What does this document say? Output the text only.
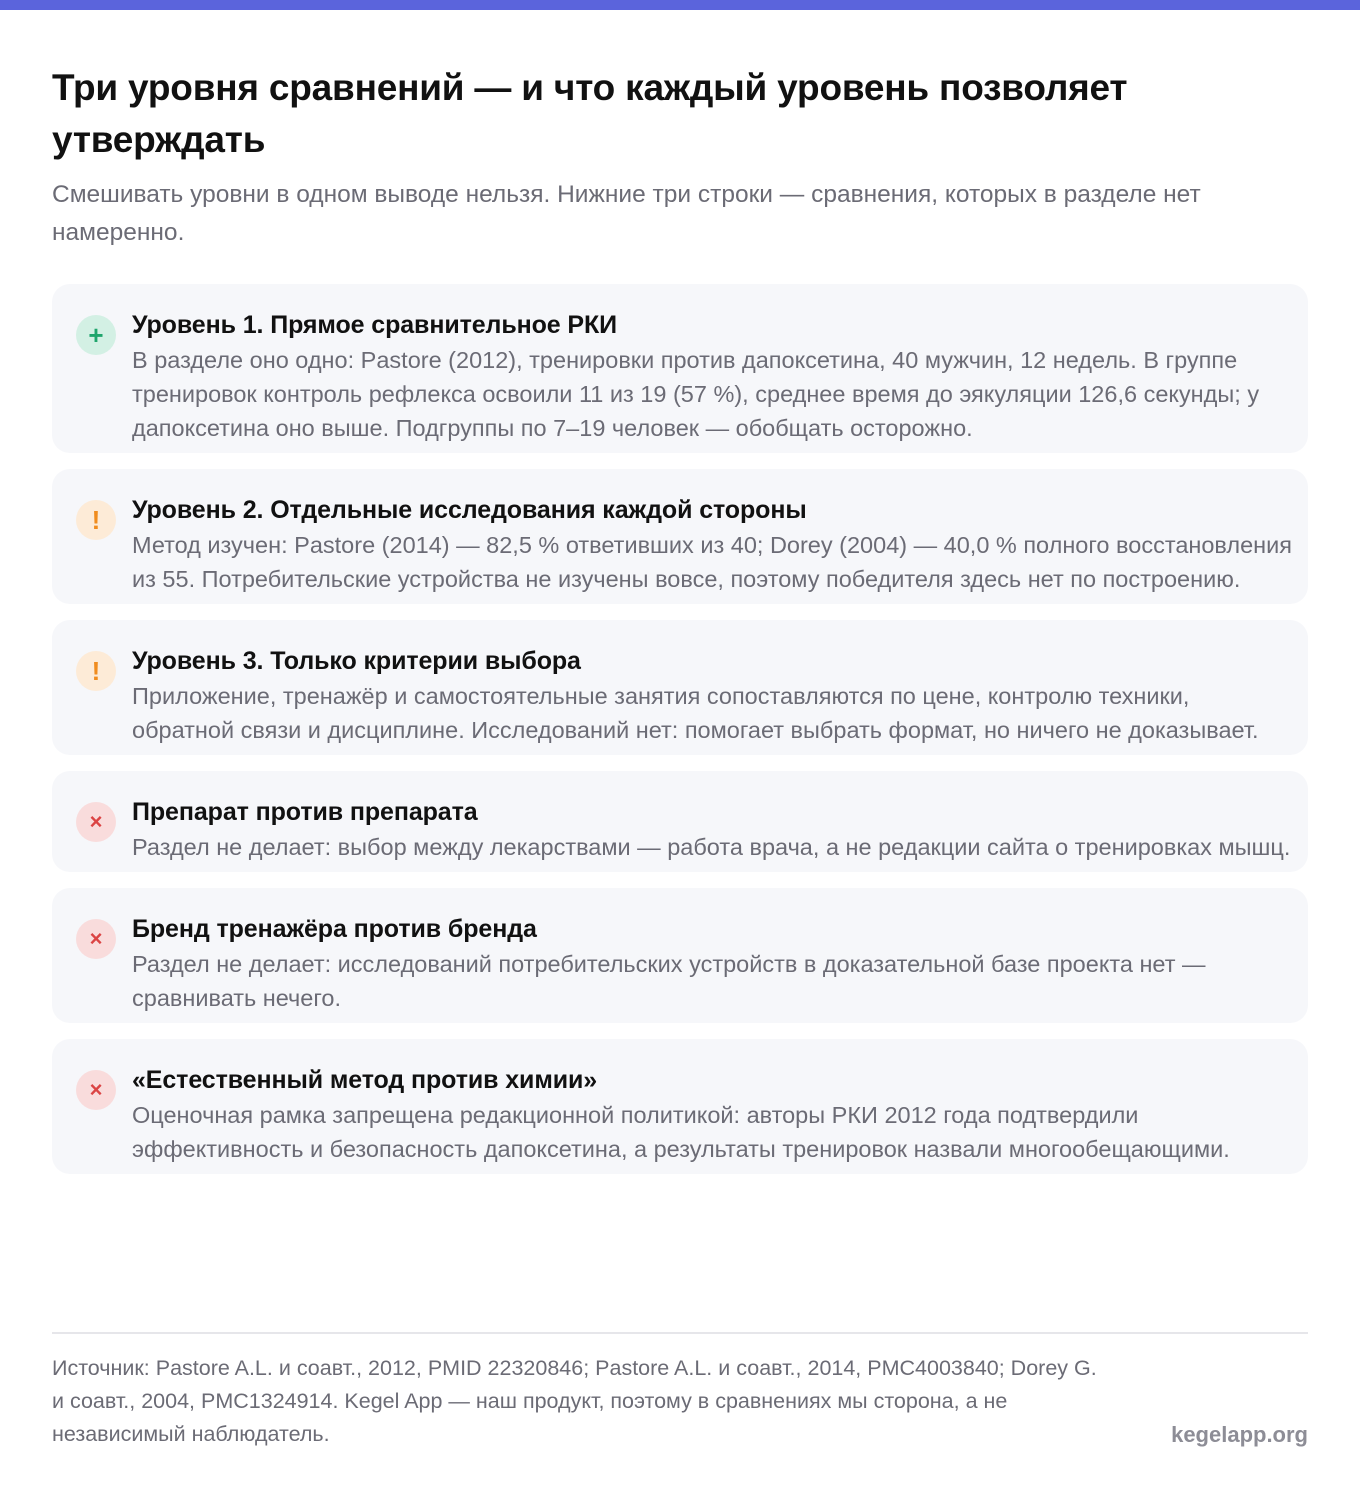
Три уровня сравнений — и что каждый уровень позволяет утверждать

Смешивать уровни в одном выводе нельзя. Нижние три строки — сравнения, которых в разделе нет намеренно.

+	Уровень 1. Прямое сравнительное РКИ
В разделе оно одно: Pastore (2012), тренировки против дапоксетина, 40 мужчин, 12 недель. В группе тренировок контроль рефлекса освоили 11 из 19 (57 %), среднее время до эякуляции 126,6 секунды; у дапоксетина оно выше. Подгруппы по 7–19 человек — обобщать осторожно.
!	Уровень 2. Отдельные исследования каждой стороны
Метод изучен: Pastore (2014) — 82,5 % ответивших из 40; Dorey (2004) — 40,0 % полного восстановления из 55. Потребительские устройства не изучены вовсе, поэтому победителя здесь нет по построению.
!	Уровень 3. Только критерии выбора
Приложение, тренажёр и самостоятельные занятия сопоставляются по цене, контролю техники, обратной связи и дисциплине. Исследований нет: помогает выбрать формат, но ничего не доказывает.
×	Препарат против препарата
Раздел не делает: выбор между лекарствами — работа врача, а не редакции сайта о тренировках мышц.
×	Бренд тренажёра против бренда
Раздел не делает: исследований потребительских устройств в доказательной базе проекта нет — сравнивать нечего.
×	«Естественный метод против химии»
Оценочная рамка запрещена редакционной политикой: авторы РКИ 2012 года подтвердили эффективность и безопасность дапоксетина, а результаты тренировок назвали многообещающими.
Источник: Pastore A.L. и соавт., 2012, PMID 22320846; Pastore A.L. и соавт., 2014, PMC4003840; Dorey G. и соавт., 2004, PMC1324914. Kegel App — наш продукт, поэтому в сравнениях мы сторона, а не независимый наблюдатель.	kegelapp.org
